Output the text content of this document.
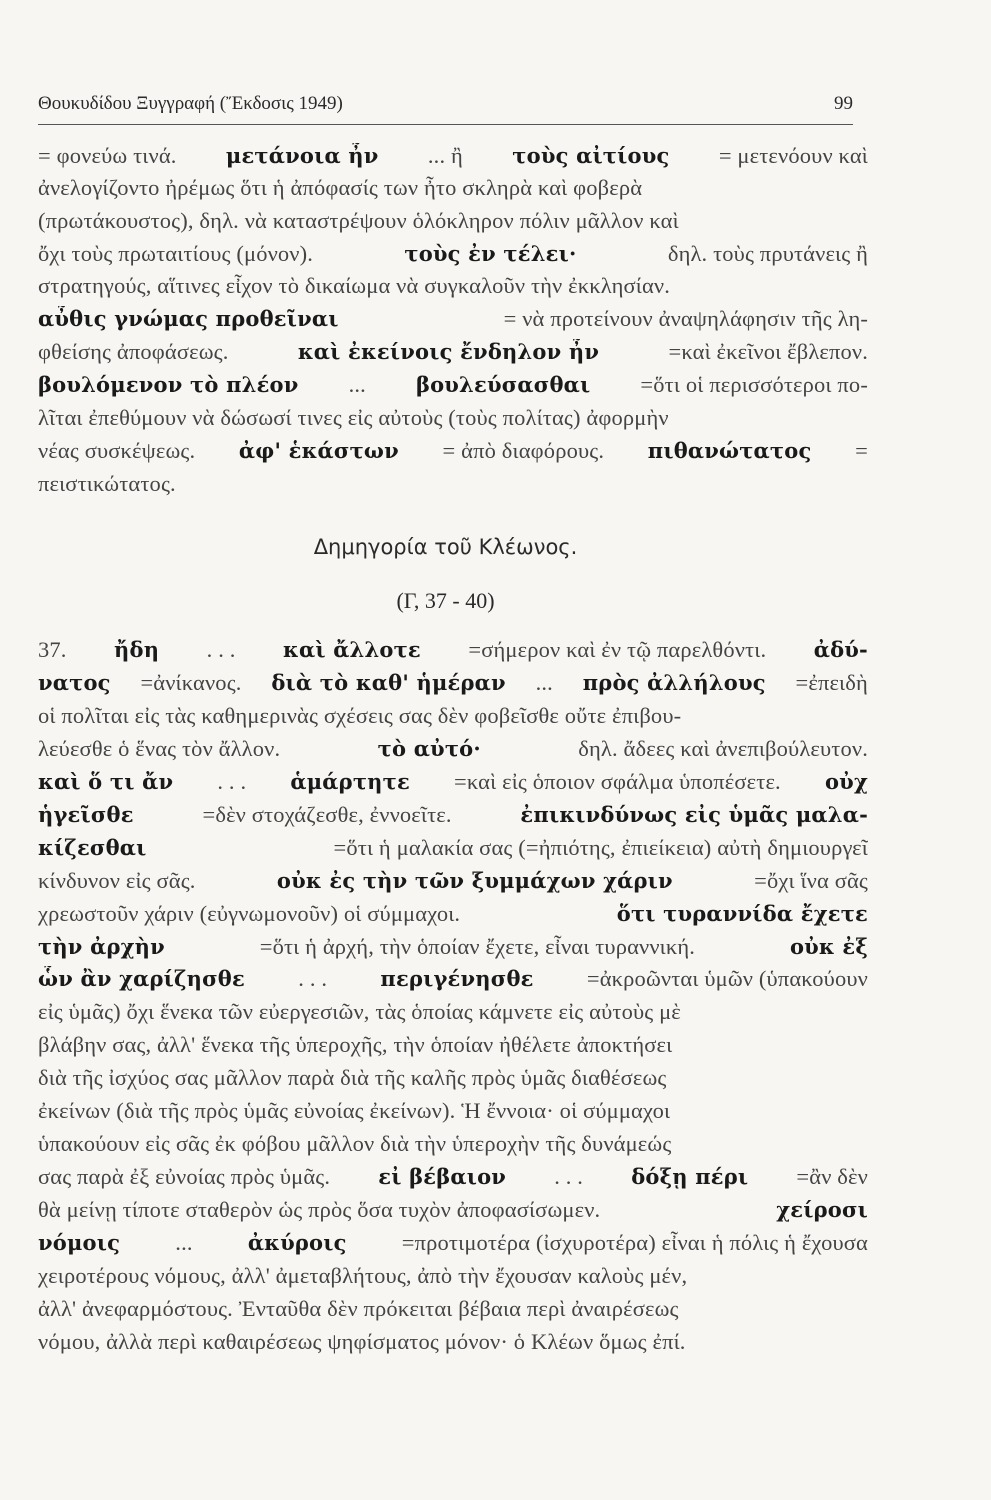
Θουκυδίδου Ξυγγραφή (Ἔκδοσις 1949)	99
Δημηγορία τοῦ Κλέωνος.
(Γ, 37 - 40)
= φονεύω τινά. μετάνοια ἦν ... ἢ τοὺς αἰτίους = μετενόουν καὶ
ἀνελογίζοντο ἠρέμως ὅτι ἡ ἀπόφασίς των ἦτο σκληρὰ καὶ φοβερὰ
(πρωτάκουστος), δηλ. νὰ καταστρέψουν ὁλόκληρον πόλιν μᾶλλον καὶ
ὄχι τοὺς πρωταιτίους (μόνον).	τοὺς ἐν τέλει·	δηλ. τοὺς πρυτάνεις ἢ
στρατηγούς, αἵτινες εἶχον τὸ δικαίωμα νὰ συγκαλοῦν τὴν ἐκκλησίαν.
αὖθις γνώμας προθεῖναι	= νὰ προτείνουν ἀναψηλάφησιν τῆς λη-
φθείσης ἀποφάσεως.	καὶ ἐκείνοις ἔνδηλον ἦν	=καὶ ἐκεῖνοι ἔβλεπον.
βουλόμενον τὸ πλέον ... βουλεύσασθαι =ὅτι οἱ περισσότεροι πο-
λῖται ἐπεθύμουν νὰ δώσωσί τινες εἰς αὐτοὺς (τοὺς πολίτας) ἀφορμὴν
νέας συσκέψεως. ἀφ' ἑκάστων = ἀπὸ διαφόρους. πιθανώτατος =
πειστικώτατος.
37. ἤδη . . . καὶ ἄλλοτε =σήμερον καὶ ἐν τῷ παρελθόντι. ἀδύ-
νατος =ἀνίκανος. διὰ τὸ καθ' ἡμέραν ... πρὸς ἀλλήλους =ἐπειδὴ
οἱ πολῖται εἰς τὰς καθημερινὰς σχέσεις σας δὲν φοβεῖσθε οὔτε ἐπιβου-
λεύεσθε ὁ ἕνας τὸν ἄλλον.	τὸ αὐτό·	δηλ. ἄδεες καὶ ἀνεπιβούλευτον.
καὶ ὅ τι ἄν . . . ἁμάρτητε =καὶ εἰς ὁποιον σφάλμα ὑποπέσετε. οὐχ
ἡγεῖσθε	=δὲν στοχάζεσθε, ἐννοεῖτε.	ἐπικινδύνως εἰς ὑμᾶς μαλα-
κίζεσθαι	=ὅτι ἡ μαλακία σας (=ἠπιότης, ἐπιείκεια) αὐτὴ δημιουργεῖ
κίνδυνον εἰς σᾶς.	οὐκ ἐς τὴν τῶν ξυμμάχων χάριν	=ὄχι ἵνα σᾶς
χρεωστοῦν χάριν (εὐγνωμονοῦν) οἱ σύμμαχοι.	ὅτι τυραννίδα ἔχετε
τὴν ἀρχὴν	=ὅτι ἡ ἀρχή, τὴν ὁποίαν ἔχετε, εἶναι τυραννική.	οὐκ ἐξ
ὧν ἂν χαρίζησθε . . .	περιγένησθε =ἀκροῶνται ὑμῶν (ὑπακούουν
εἰς ὑμᾶς) ὄχι ἕνεκα τῶν εὐεργεσιῶν, τὰς ὁποίας κάμνετε εἰς αὐτοὺς μὲ
βλάβην σας, ἀλλ' ἕνεκα τῆς ὑπεροχῆς, τὴν ὁποίαν ἠθέλετε ἀποκτήσει
διὰ τῆς ἰσχύος σας μᾶλλον παρὰ διὰ τῆς καλῆς πρὸς ὑμᾶς διαθέσεως
ἐκείνων (διὰ τῆς πρὸς ὑμᾶς εὐνοίας ἐκείνων). Ἡ ἔννοια· οἱ σύμμαχοι
ὑπακούουν εἰς σᾶς ἐκ φόβου μᾶλλον διὰ τὴν ὑπεροχὴν τῆς δυνάμεώς
σας παρὰ ἐξ εὐνοίας πρὸς ὑμᾶς. εἰ βέβαιον . . . δόξῃ πέρι =ἂν δὲν
θὰ μείνῃ τίποτε σταθερὸν ὡς πρὸς ὅσα τυχὸν ἀποφασίσωμεν.	χείροσι
νόμοις ...	ἀκύροις =προτιμοτέρα (ἰσχυροτέρα) εἶναι ἡ πόλις ἡ ἔχουσα
χειροτέρους νόμους, ἀλλ' ἀμεταβλήτους, ἀπὸ τὴν ἔχουσαν καλοὺς μέν,
ἀλλ' ἀνεφαρμόστους. Ἐνταῦθα δὲν πρόκειται βέβαια περὶ ἀναιρέσεως
νόμου, ἀλλὰ περὶ καθαιρέσεως ψηφίσματος μόνον· ὁ Κλέων ὅμως ἐπί.
